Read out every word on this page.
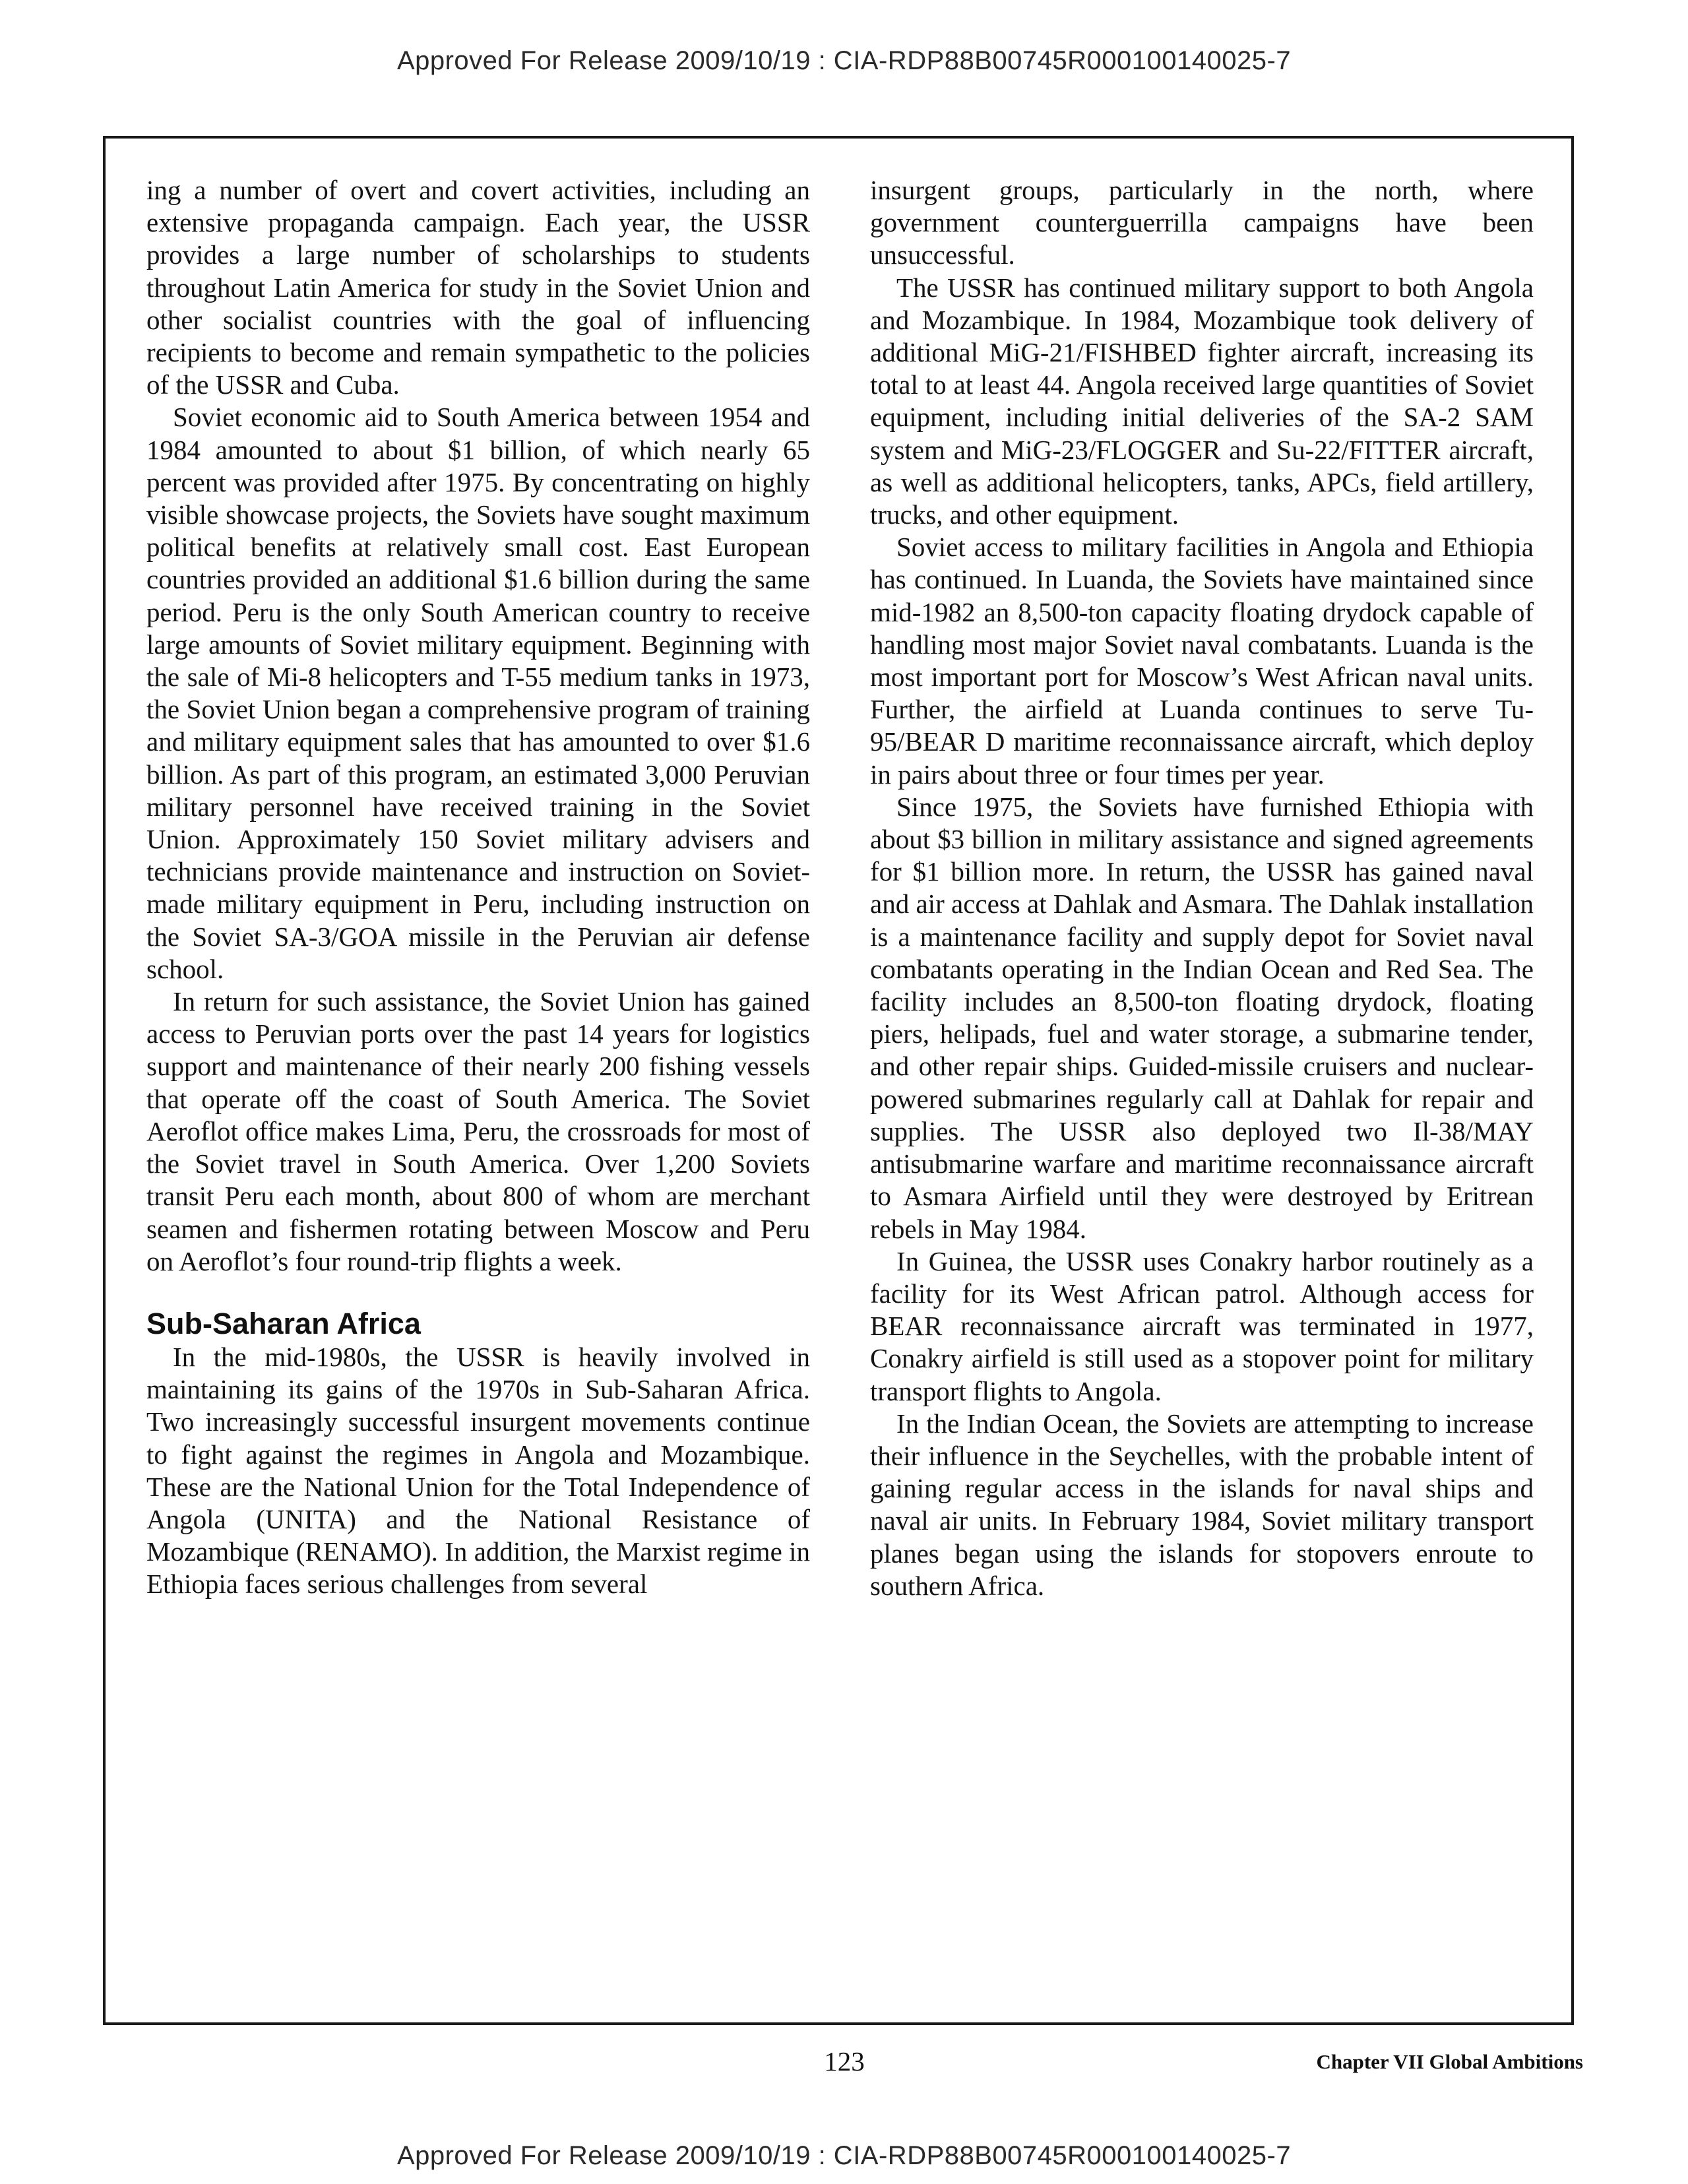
Approved For Release 2009/10/19 : CIA-RDP88B00745R000100140025-7

ing a number of overt and covert activities, including an extensive propaganda campaign. Each year, the USSR provides a large number of scholarships to students throughout Latin America for study in the Soviet Union and other socialist countries with the goal of influencing recipients to become and remain sympathetic to the policies of the USSR and Cuba.

Soviet economic aid to South America between 1954 and 1984 amounted to about $1 billion, of which nearly 65 percent was provided after 1975. By concentrating on highly visible showcase projects, the Soviets have sought maximum political benefits at relatively small cost. East European countries provided an additional $1.6 billion during the same period. Peru is the only South American country to receive large amounts of Soviet military equipment. Beginning with the sale of Mi-8 helicopters and T-55 medium tanks in 1973, the Soviet Union began a comprehensive program of training and military equipment sales that has amounted to over $1.6 billion. As part of this program, an estimated 3,000 Peruvian military personnel have received training in the Soviet Union. Approximately 150 Soviet military advisers and technicians provide maintenance and instruction on Soviet-made military equipment in Peru, including instruction on the Soviet SA-3/GOA missile in the Peruvian air defense school.

In return for such assistance, the Soviet Union has gained access to Peruvian ports over the past 14 years for logistics support and maintenance of their nearly 200 fishing vessels that operate off the coast of South America. The Soviet Aeroflot office makes Lima, Peru, the crossroads for most of the Soviet travel in South America. Over 1,200 Soviets transit Peru each month, about 800 of whom are merchant seamen and fishermen rotating between Moscow and Peru on Aeroflot’s four round-trip flights a week.

Sub-Saharan Africa

In the mid-1980s, the USSR is heavily involved in maintaining its gains of the 1970s in Sub-Saharan Africa. Two increasingly successful insurgent movements continue to fight against the regimes in Angola and Mozambique. These are the National Union for the Total Independence of Angola (UNITA) and the National Resistance of Mozambique (RENAMO). In addition, the Marxist regime in Ethiopia faces serious challenges from several

insurgent groups, particularly in the north, where government counterguerrilla campaigns have been unsuccessful.

The USSR has continued military support to both Angola and Mozambique. In 1984, Mozambique took delivery of additional MiG-21/FISHBED fighter aircraft, increasing its total to at least 44. Angola received large quantities of Soviet equipment, including initial deliveries of the SA-2 SAM system and MiG-23/FLOGGER and Su-22/FITTER aircraft, as well as additional helicopters, tanks, APCs, field artillery, trucks, and other equipment.

Soviet access to military facilities in Angola and Ethiopia has continued. In Luanda, the Soviets have maintained since mid-1982 an 8,500-ton capacity floating drydock capable of handling most major Soviet naval combatants. Luanda is the most important port for Moscow’s West African naval units. Further, the airfield at Luanda continues to serve Tu-95/BEAR D maritime reconnaissance aircraft, which deploy in pairs about three or four times per year.

Since 1975, the Soviets have furnished Ethiopia with about $3 billion in military assistance and signed agreements for $1 billion more. In return, the USSR has gained naval and air access at Dahlak and Asmara. The Dahlak installation is a maintenance facility and supply depot for Soviet naval combatants operating in the Indian Ocean and Red Sea. The facility includes an 8,500-ton floating drydock, floating piers, helipads, fuel and water storage, a submarine tender, and other repair ships. Guided-missile cruisers and nuclear-powered submarines regularly call at Dahlak for repair and supplies. The USSR also deployed two Il-38/MAY antisubmarine warfare and maritime reconnaissance aircraft to Asmara Airfield until they were destroyed by Eritrean rebels in May 1984.

In Guinea, the USSR uses Conakry harbor routinely as a facility for its West African patrol. Although access for BEAR reconnaissance aircraft was terminated in 1977, Conakry airfield is still used as a stopover point for military transport flights to Angola.

In the Indian Ocean, the Soviets are attempting to increase their influence in the Seychelles, with the probable intent of gaining regular access in the islands for naval ships and naval air units. In February 1984, Soviet military transport planes began using the islands for stopovers enroute to southern Africa.

123	Chapter VII Global Ambitions
Approved For Release 2009/10/19 : CIA-RDP88B00745R000100140025-7
